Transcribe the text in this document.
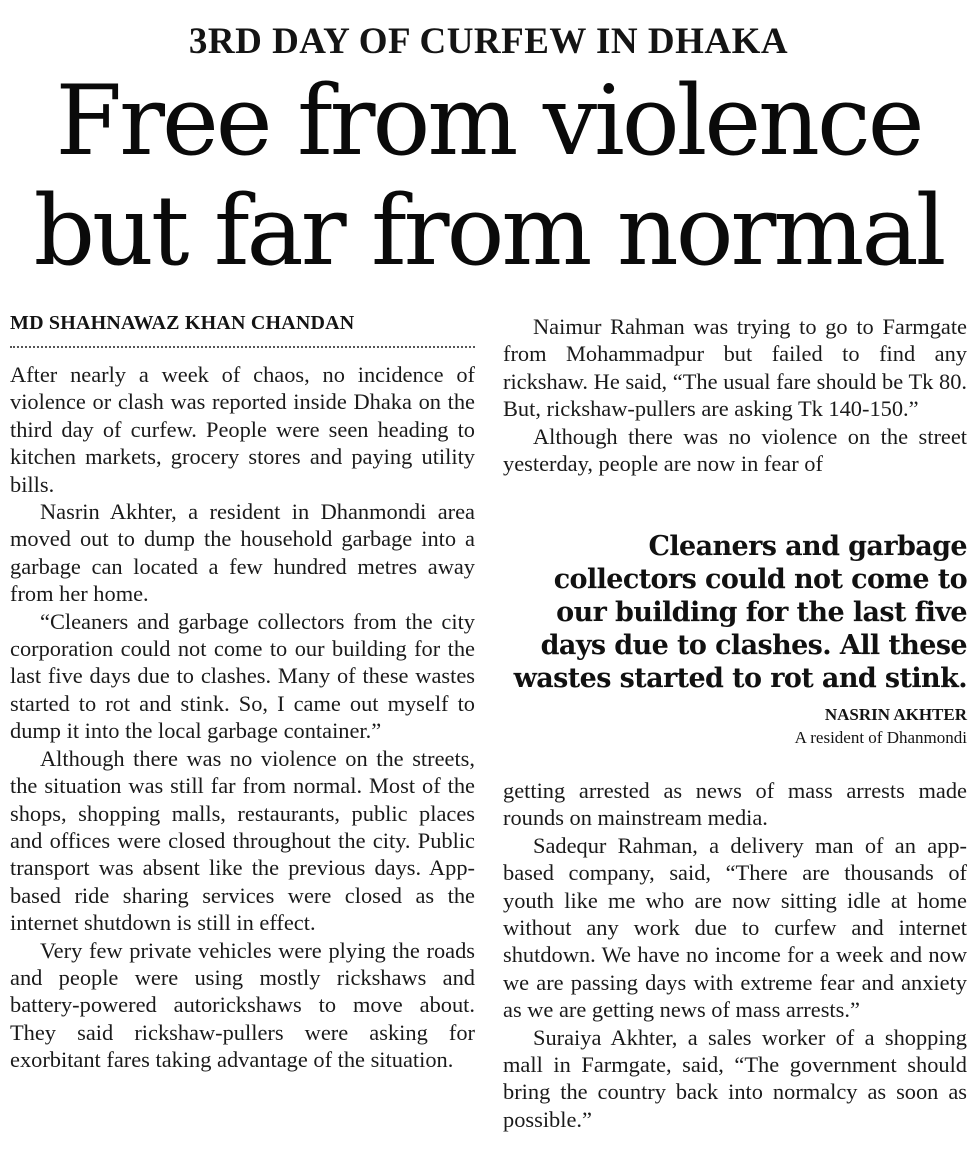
3RD DAY OF CURFEW IN DHAKA
Free from violence
but far from normal
MD SHAHNAWAZ KHAN CHANDAN

After nearly a week of chaos, no incidence of violence or clash was reported inside Dhaka on the third day of curfew. People were seen heading to kitchen markets, grocery stores and paying utility bills.

Nasrin Akhter, a resident in Dhanmondi area moved out to dump the household garbage into a garbage can located a few hundred metres away from her home.

“Cleaners and garbage collectors from the city corporation could not come to our building for the last five days due to clashes. Many of these wastes started to rot and stink. So, I came out myself to dump it into the local garbage container.”

Although there was no violence on the streets, the situation was still far from normal. Most of the shops, shopping malls, restaurants, public places and offices were closed throughout the city. Public transport was absent like the previous days. App-based ride sharing services were closed as the internet shutdown is still in effect.

Very few private vehicles were plying the roads and people were using mostly rickshaws and battery-powered autorickshaws to move about. They said rickshaw-pullers were asking for exorbitant fares taking advantage of the situation.

Naimur Rahman was trying to go to Farmgate from Mohammadpur but failed to find any rickshaw. He said, “The usual fare should be Tk 80. But, rickshaw-pullers are asking Tk 140-150.”

Although there was no violence on the street yesterday, people are now in fear of

Cleaners and garbage collectors could not come to our building for the last five days due to clashes. All these wastes started to rot and stink.
NASRIN AKHTER
A resident of Dhanmondi

getting arrested as news of mass arrests made rounds on mainstream media.

Sadequr Rahman, a delivery man of an app-based company, said, “There are thousands of youth like me who are now sitting idle at home without any work due to curfew and internet shutdown. We have no income for a week and now we are passing days with extreme fear and anxiety as we are getting news of mass arrests.”

Suraiya Akhter, a sales worker of a shopping mall in Farmgate, said, “The government should bring the country back into normalcy as soon as possible.”
